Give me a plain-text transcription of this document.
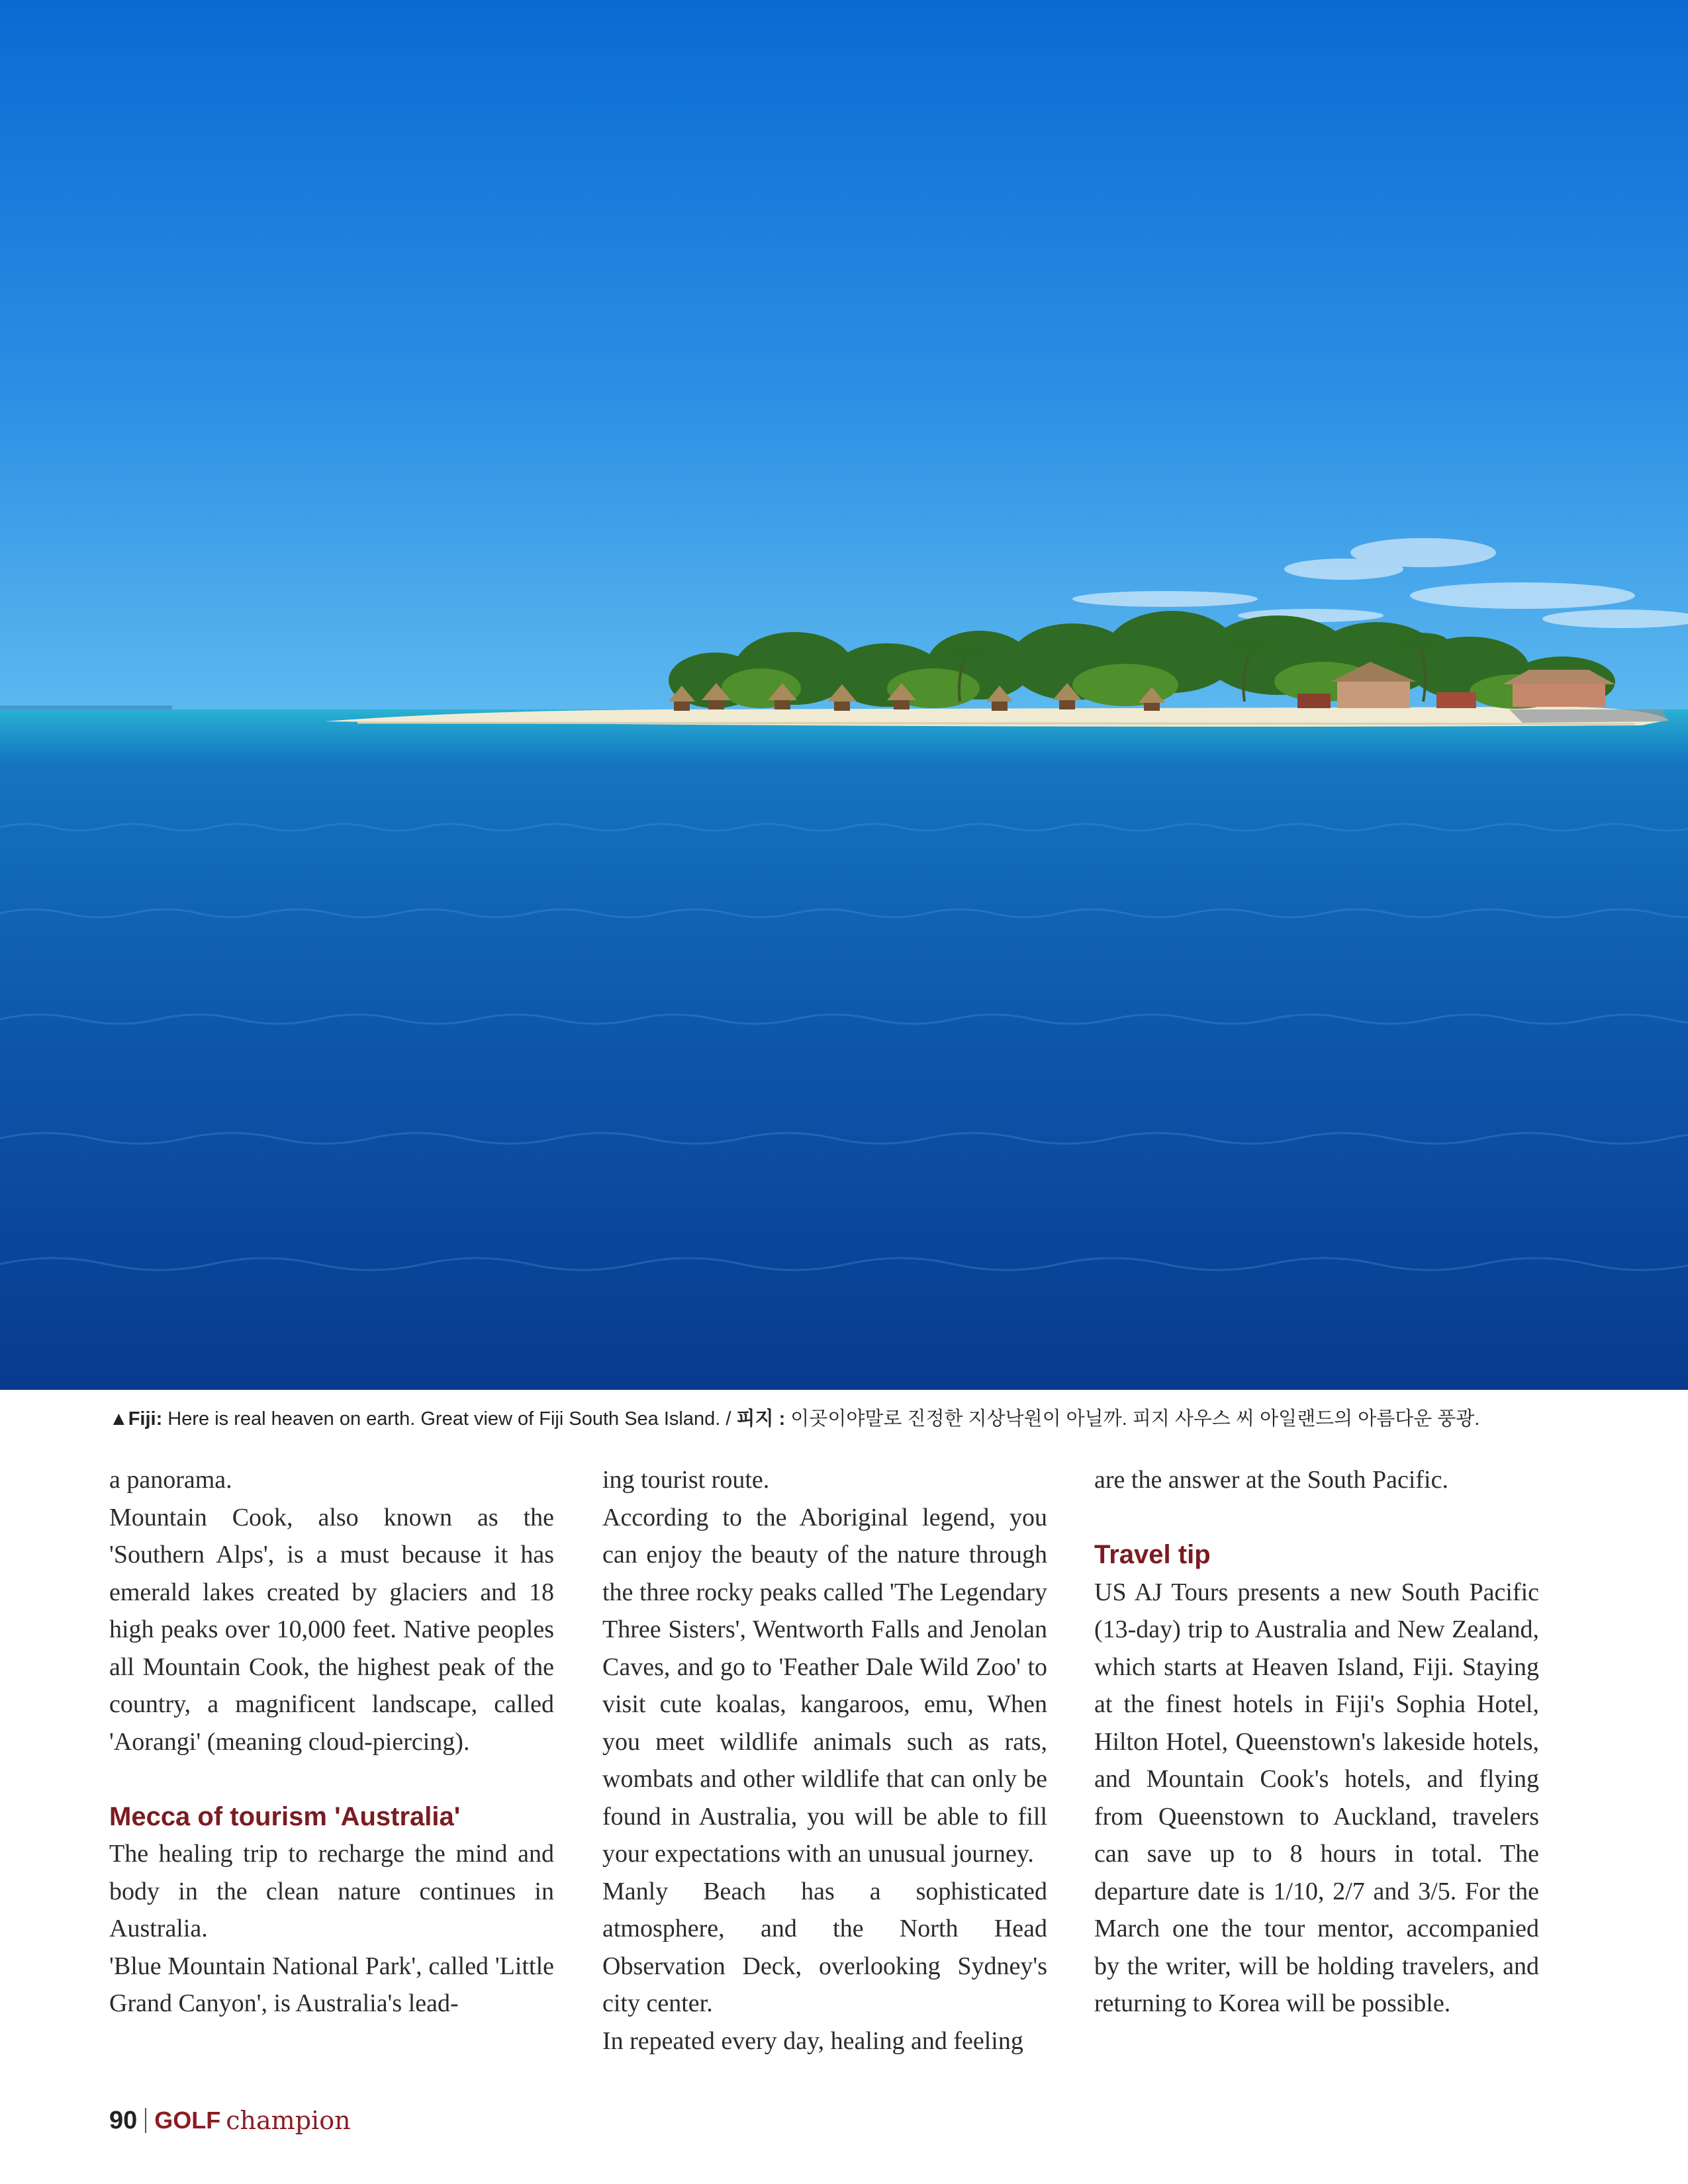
▲Fiji: Here is real heaven on earth. Great view of Fiji South Sea Island. / 피지 : 이곳이야말로 진정한 지상낙원이 아닐까. 피지 사우스 씨 아일랜드의 아름다운 풍광.

a panorama.

Mountain Cook, also known as the 'Southern Alps', is a must because it has emerald lakes created by glaciers and 18 high peaks over 10,000 feet. Native peoples all Mountain Cook, the highest peak of the country, a magnificent landscape, called 'Aorangi' (meaning cloud-piercing).

Mecca of tourism 'Australia'

The healing trip to recharge the mind and body in the clean nature continues in Australia.

'Blue Mountain National Park', called 'Little Grand Canyon', is Australia's lead-

ing tourist route.

According to the Aboriginal legend, you can enjoy the beauty of the nature through the three rocky peaks called 'The Legendary Three Sisters', Wentworth Falls and Jenolan Caves, and go to 'Feather Dale Wild Zoo' to visit cute koalas, kangaroos, emu, When you meet wildlife animals such as rats, wombats and other wildlife that can only be found in Australia, you will be able to fill your expectations with an unusual journey.

Manly Beach has a sophisticated atmosphere, and the North Head Observation Deck, overlooking Sydney's city center.

In repeated every day, healing and feeling

are the answer at the South Pacific.

Travel tip

US AJ Tours presents a new South Pacific (13-day) trip to Australia and New Zealand, which starts at Heaven Island, Fiji. Staying at the finest hotels in Fiji's Sophia Hotel, Hilton Hotel, Queenstown's lakeside hotels, and Mountain Cook's hotels, and flying from Queenstown to Auckland, travelers can save up to 8 hours in total. The departure date is 1/10, 2/7 and 3/5. For the March one the tour mentor, accompanied by the writer, will be holding travelers, and returning to Korea will be possible.

90 GOLF champion
